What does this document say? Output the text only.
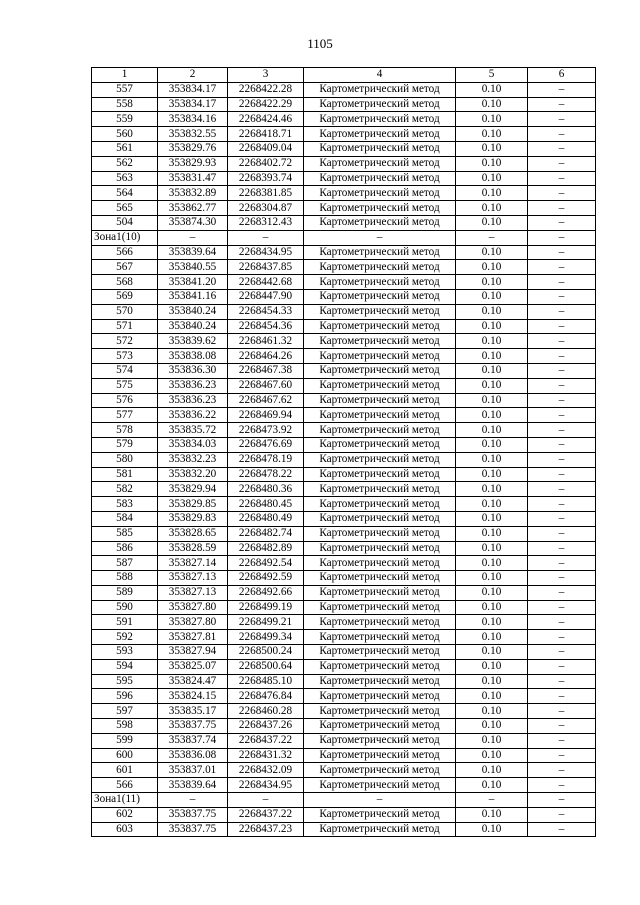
1105
1	2	3	4	5	6
557	353834.17	2268422.28	Картометрический метод	0.10	–
558	353834.17	2268422.29	Картометрический метод	0.10	–
559	353834.16	2268424.46	Картометрический метод	0.10	–
560	353832.55	2268418.71	Картометрический метод	0.10	–
561	353829.76	2268409.04	Картометрический метод	0.10	–
562	353829.93	2268402.72	Картометрический метод	0.10	–
563	353831.47	2268393.74	Картометрический метод	0.10	–
564	353832.89	2268381.85	Картометрический метод	0.10	–
565	353862.77	2268304.87	Картометрический метод	0.10	–
504	353874.30	2268312.43	Картометрический метод	0.10	–
Зона1(10)	–	–	–	–	–
566	353839.64	2268434.95	Картометрический метод	0.10	–
567	353840.55	2268437.85	Картометрический метод	0.10	–
568	353841.20	2268442.68	Картометрический метод	0.10	–
569	353841.16	2268447.90	Картометрический метод	0.10	–
570	353840.24	2268454.33	Картометрический метод	0.10	–
571	353840.24	2268454.36	Картометрический метод	0.10	–
572	353839.62	2268461.32	Картометрический метод	0.10	–
573	353838.08	2268464.26	Картометрический метод	0.10	–
574	353836.30	2268467.38	Картометрический метод	0.10	–
575	353836.23	2268467.60	Картометрический метод	0.10	–
576	353836.23	2268467.62	Картометрический метод	0.10	–
577	353836.22	2268469.94	Картометрический метод	0.10	–
578	353835.72	2268473.92	Картометрический метод	0.10	–
579	353834.03	2268476.69	Картометрический метод	0.10	–
580	353832.23	2268478.19	Картометрический метод	0.10	–
581	353832.20	2268478.22	Картометрический метод	0.10	–
582	353829.94	2268480.36	Картометрический метод	0.10	–
583	353829.85	2268480.45	Картометрический метод	0.10	–
584	353829.83	2268480.49	Картометрический метод	0.10	–
585	353828.65	2268482.74	Картометрический метод	0.10	–
586	353828.59	2268482.89	Картометрический метод	0.10	–
587	353827.14	2268492.54	Картометрический метод	0.10	–
588	353827.13	2268492.59	Картометрический метод	0.10	–
589	353827.13	2268492.66	Картометрический метод	0.10	–
590	353827.80	2268499.19	Картометрический метод	0.10	–
591	353827.80	2268499.21	Картометрический метод	0.10	–
592	353827.81	2268499.34	Картометрический метод	0.10	–
593	353827.94	2268500.24	Картометрический метод	0.10	–
594	353825.07	2268500.64	Картометрический метод	0.10	–
595	353824.47	2268485.10	Картометрический метод	0.10	–
596	353824.15	2268476.84	Картометрический метод	0.10	–
597	353835.17	2268460.28	Картометрический метод	0.10	–
598	353837.75	2268437.26	Картометрический метод	0.10	–
599	353837.74	2268437.22	Картометрический метод	0.10	–
600	353836.08	2268431.32	Картометрический метод	0.10	–
601	353837.01	2268432.09	Картометрический метод	0.10	–
566	353839.64	2268434.95	Картометрический метод	0.10	–
Зона1(11)	–	–	–	–	–
602	353837.75	2268437.22	Картометрический метод	0.10	–
603	353837.75	2268437.23	Картометрический метод	0.10	–
